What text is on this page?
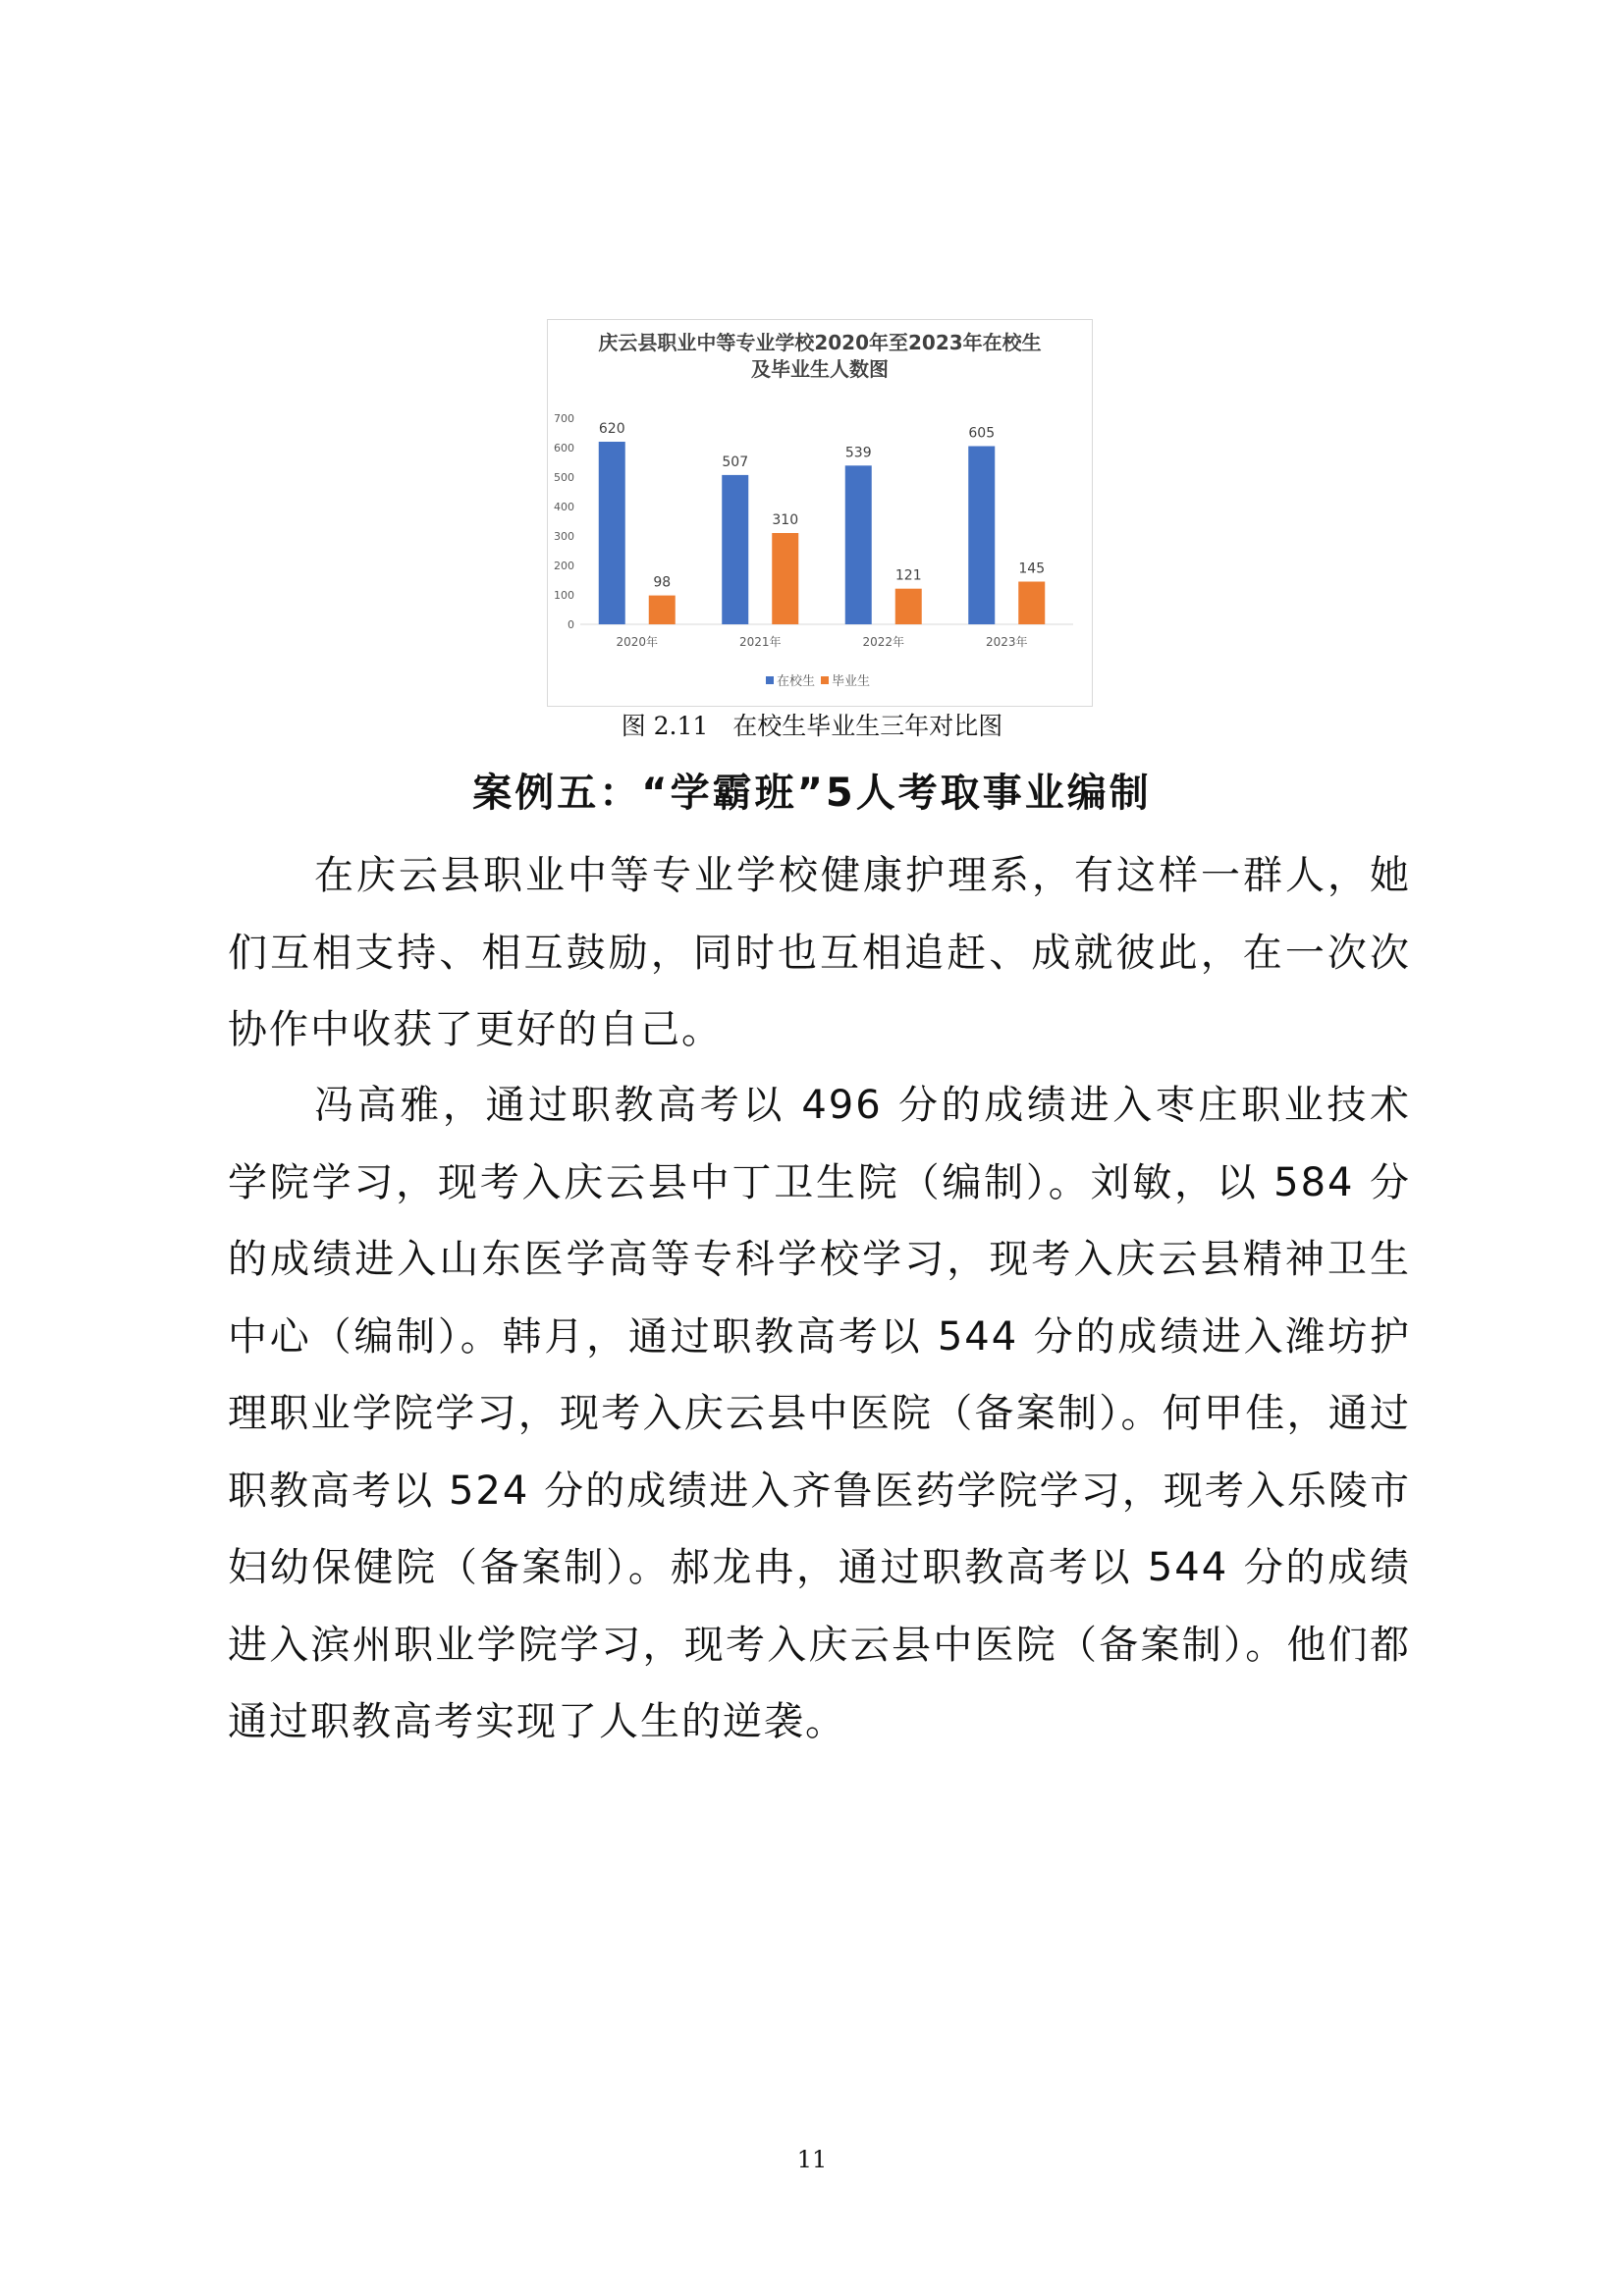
庆云县职业中等专业学校2020年至2023年在校生
及毕业生人数图
0
100
200
300
400
500
600
700
620
98
507
310
539
121
605
145
2020年	2021年	2022年	2023年
在校生 毕业生
图 2.11　在校生毕业生三年对比图
案例五：“学霸班”5人考取事业编制

在庆云县职业中等专业学校健康护理系，有这样一群人，她们互相支持、相互鼓励，同时也互相追赶、成就彼此，在一次次协作中收获了更好的自己。

冯高雅，通过职教高考以 496 分的成绩进入枣庄职业技术学院学习，现考入庆云县中丁卫生院（编制）。刘敏，以 584 分的成绩进入山东医学高等专科学校学习，现考入庆云县精神卫生中心（编制）。韩月，通过职教高考以 544 分的成绩进入潍坊护理职业学院学习，现考入庆云县中医院（备案制）。何甲佳，通过职教高考以 524 分的成绩进入齐鲁医药学院学习，现考入乐陵市妇幼保健院（备案制）。郝龙冉，通过职教高考以 544 分的成绩进入滨州职业学院学习，现考入庆云县中医院（备案制）。他们都通过职教高考实现了人生的逆袭。

11
